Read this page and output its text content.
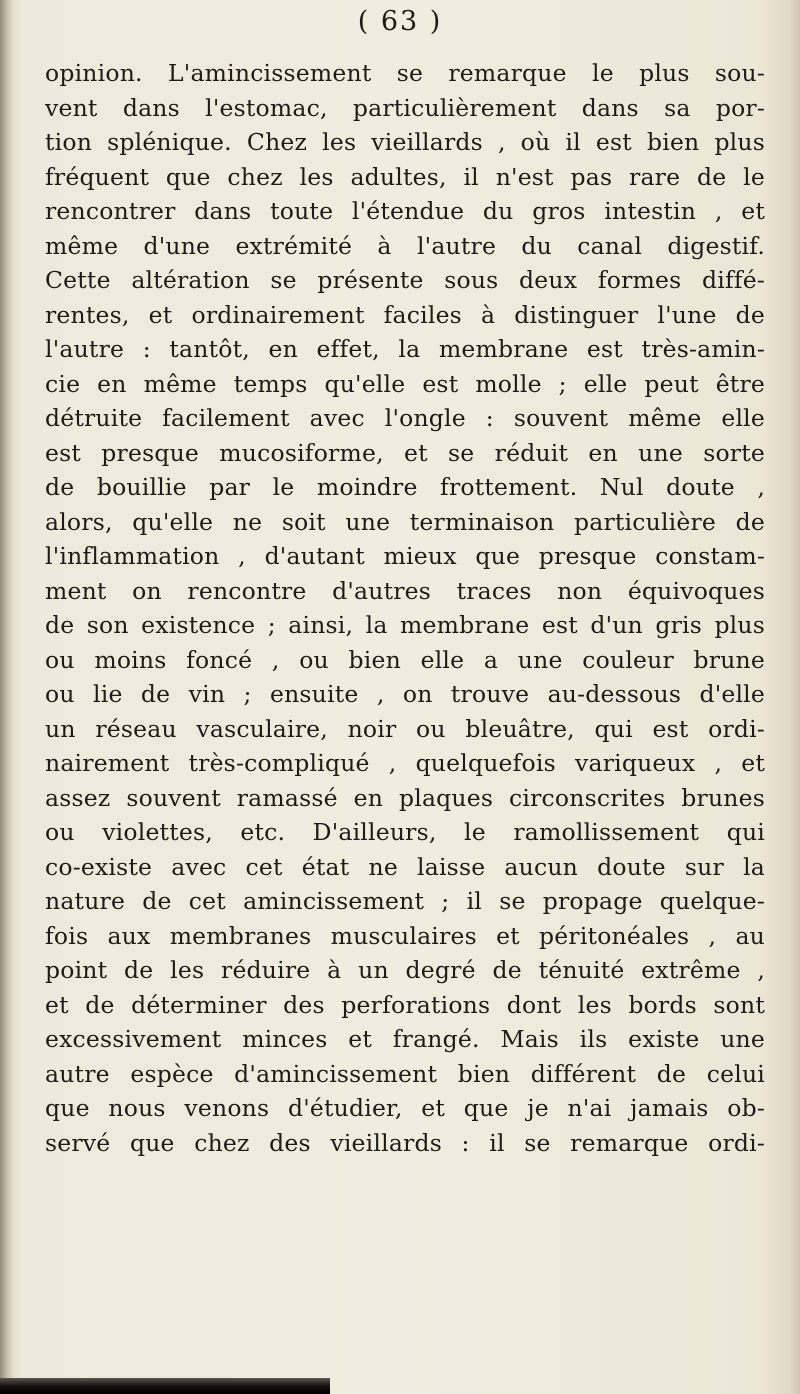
( 63 )
opinion. L'amincissement se remarque le plus sou-
vent dans l'estomac, particulièrement dans sa por-
tion splénique. Chez les vieillards , où il est bien plus
fréquent que chez les adultes, il n'est pas rare de le
rencontrer dans toute l'étendue du gros intestin , et
même d'une extrémité à l'autre du canal digestif.
Cette altération se présente sous deux formes diffé-
rentes, et ordinairement faciles à distinguer l'une de
l'autre : tantôt, en effet, la membrane est très-amin-
cie en même temps qu'elle est molle ; elle peut être
détruite facilement avec l'ongle : souvent même elle
est presque mucosiforme, et se réduit en une sorte
de bouillie par le moindre frottement. Nul doute ,
alors, qu'elle ne soit une terminaison particulière de
l'inflammation , d'autant mieux que presque constam-
ment on rencontre d'autres traces non équivoques
de son existence ; ainsi, la membrane est d'un gris plus
ou moins foncé , ou bien elle a une couleur brune
ou lie de vin ; ensuite , on trouve au-dessous d'elle
un réseau vasculaire, noir ou bleuâtre, qui est ordi-
nairement très-compliqué , quelquefois variqueux , et
assez souvent ramassé en plaques circonscrites brunes
ou violettes, etc. D'ailleurs, le ramollissement qui
co-existe avec cet état ne laisse aucun doute sur la
nature de cet amincissement ; il se propage quelque-
fois aux membranes musculaires et péritonéales , au
point de les réduire à un degré de ténuité extrême ,
et de déterminer des perforations dont les bords sont
excessivement minces et frangé. Mais ils existe une
autre espèce d'amincissement bien différent de celui
que nous venons d'étudier, et que je n'ai jamais ob-
servé que chez des vieillards : il se remarque ordi-
